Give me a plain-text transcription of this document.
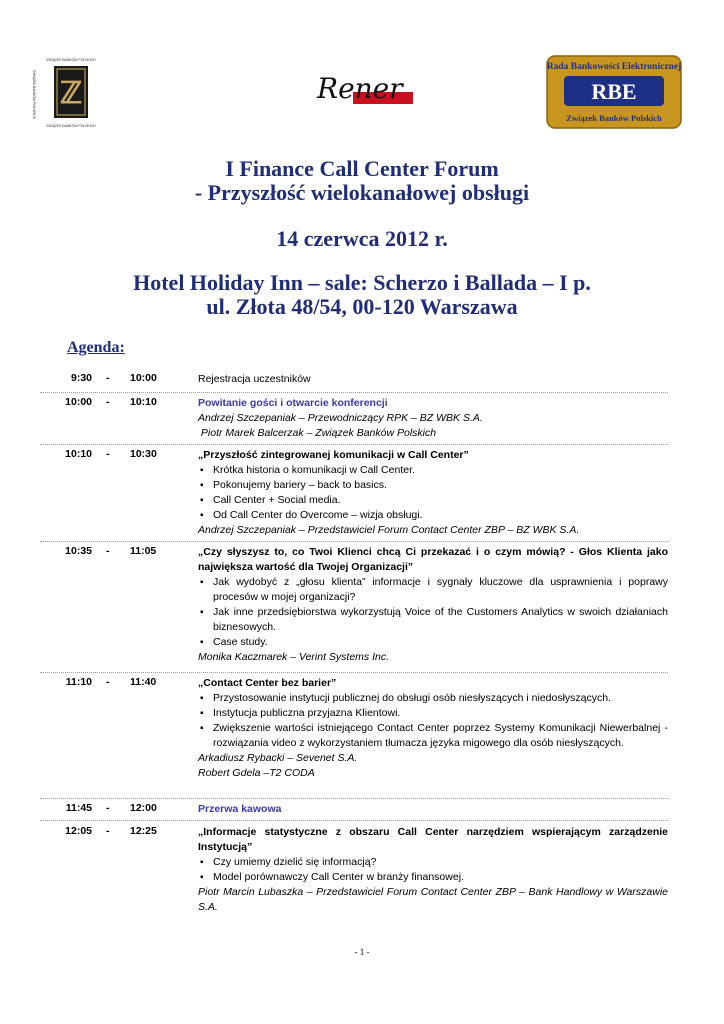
ZWIĄZEK BANKÓW POLSKICH
ZWIĄZEK BANKÓW POLSKICH
ZWIĄZEK BANKÓW POLSKICH
ℤ	Rener
Rada Bankowości Elektronicznej
RBE
Związek Banków Polskich
I Finance Call Center Forum
- Przyszłość wielokanałowej obsługi
14 czerwca 2012 r.
Hotel Holiday Inn – sale: Scherzo i Ballada – I p.
ul. Złota 48/54, 00-120 Warszawa
Agenda:
9:30 - 10:00	Rejestracja uczestników
10:00 - 10:10	Powitanie gości i otwarcie konferencji
Andrzej Szczepaniak – Przewodniczący RPK – BZ WBK S.A.
Piotr Marek Balcerzak – Związek Banków Polskich
10:10 - 10:30	„Przyszłość zintegrowanej komunikacji w Call Center”
▪ Krótka historia o komunikacji w Call Center.
▪ Pokonujemy bariery – back to basics.
▪ Call Center + Social media.
▪ Od Call Center do Overcome – wizja obsługi.
Andrzej Szczepaniak – Przedstawiciel Forum Contact Center ZBP – BZ WBK S.A.
10:35 - 11:05	„Czy słyszysz to, co Twoi Klienci chcą Ci przekazać i o czym mówią? - Głos Klienta jako największa wartość dla Twojej Organizacji”
▪ Jak wydobyć z „głosu klienta” informacje i sygnały kluczowe dla usprawnienia i poprawy procesów w mojej organizacji?
▪ Jak inne przedsiębiorstwa wykorzystują Voice of the Customers Analytics w swoich działaniach biznesowych.
▪ Case study.
Monika Kaczmarek – Verint Systems Inc.
11:10 - 11:40	„Contact Center bez barier”
▪ Przystosowanie instytucji publicznej do obsługi osób niesłyszących i niedosłyszących.
▪ Instytucja publiczna przyjazna Klientowi.
▪ Zwiększenie wartości istniejącego Contact Center poprzez Systemy Komunikacji Niewerbalnej - rozwiązania video z wykorzystaniem tłumacza języka migowego dla osób niesłyszących.
Arkadiusz Rybacki – Sevenet S.A.
Robert Gdela –T2 CODA
11:45 - 12:00	Przerwa kawowa
12:05 - 12:25	„Informacje statystyczne z obszaru Call Center narzędziem wspierającym zarządzenie Instytucją”
▪ Czy umiemy dzielić się informacją?
▪ Model porównawczy Call Center w branży finansowej.
Piotr Marcin Lubaszka – Przedstawiciel Forum Contact Center ZBP – Bank Handlowy w Warszawie S.A.
- 1 -
